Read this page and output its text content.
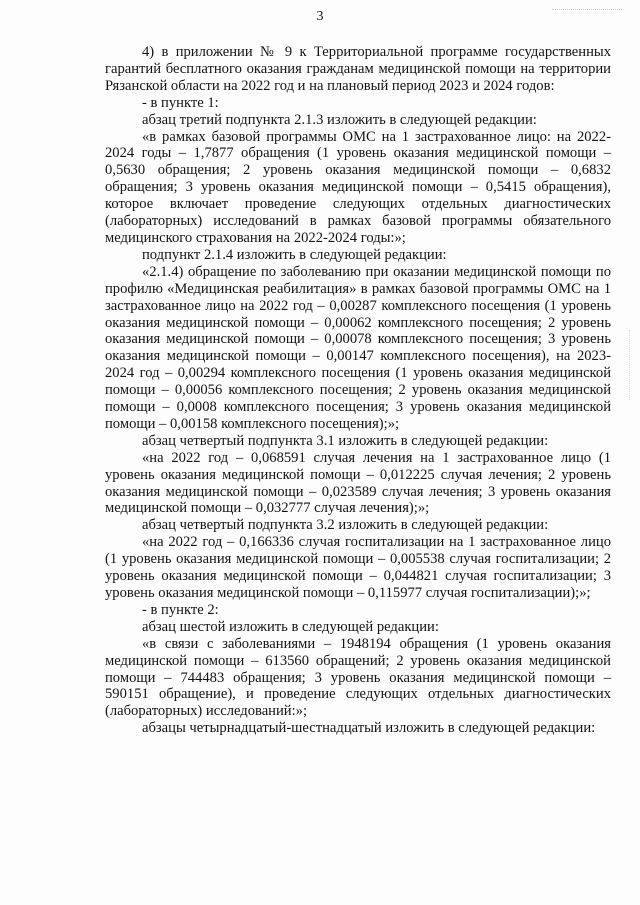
3

4) в приложении № 9 к Территориальной программе государственных гарантий бесплатного оказания гражданам медицинской помощи на территории Рязанской области на 2022 год и на плановый период 2023 и 2024 годов:

- в пункте 1:

абзац третий подпункта 2.1.3 изложить в следующей редакции:

«в рамках базовой программы ОМС на 1 застрахованное лицо: на 2022-2024 годы – 1,7877 обращения (1 уровень оказания медицинской помощи – 0,5630 обращения; 2 уровень оказания медицинской помощи – 0,6832 обращения; 3 уровень оказания медицинской помощи – 0,5415 обращения), которое включает проведение следующих отдельных диагностических (лабораторных) исследований в рамках базовой программы обязательного медицинского страхования на 2022-2024 годы:»;

подпункт 2.1.4 изложить в следующей редакции:

«2.1.4) обращение по заболеванию при оказании медицинской помощи по профилю «Медицинская реабилитация» в рамках базовой программы ОМС на 1 застрахованное лицо на 2022 год – 0,00287 комплексного посещения (1 уровень оказания медицинской помощи – 0,00062 комплексного посещения; 2 уровень оказания медицинской помощи – 0,00078 комплексного посещения; 3 уровень оказания медицинской помощи – 0,00147 комплексного посещения), на 2023-2024 год – 0,00294 комплексного посещения (1 уровень оказания медицинской помощи – 0,00056 комплексного посещения; 2 уровень оказания медицинской помощи – 0,0008 комплексного посещения; 3 уровень оказания медицинской помощи – 0,00158 комплексного посещения);»;

абзац четвертый подпункта 3.1 изложить в следующей редакции:

«на 2022 год – 0,068591 случая лечения на 1 застрахованное лицо (1 уровень оказания медицинской помощи – 0,012225 случая лечения; 2 уровень оказания медицинской помощи – 0,023589 случая лечения; 3 уровень оказания медицинской помощи – 0,032777 случая лечения);»;

абзац четвертый подпункта 3.2 изложить в следующей редакции:

«на 2022 год – 0,166336 случая госпитализации на 1 застрахованное лицо (1 уровень оказания медицинской помощи – 0,005538 случая госпитализации; 2 уровень оказания медицинской помощи – 0,044821 случая госпитализации; 3 уровень оказания медицинской помощи – 0,115977 случая госпитализации);»;

- в пункте 2:

абзац шестой изложить в следующей редакции:

«в связи с заболеваниями – 1948194 обращения (1 уровень оказания медицинской помощи – 613560 обращений; 2 уровень оказания медицинской помощи – 744483 обращения; 3 уровень оказания медицинской помощи – 590151 обращение), и проведение следующих отдельных диагностических (лабораторных) исследований:»;

абзацы четырнадцатый-шестнадцатый изложить в следующей редакции:
